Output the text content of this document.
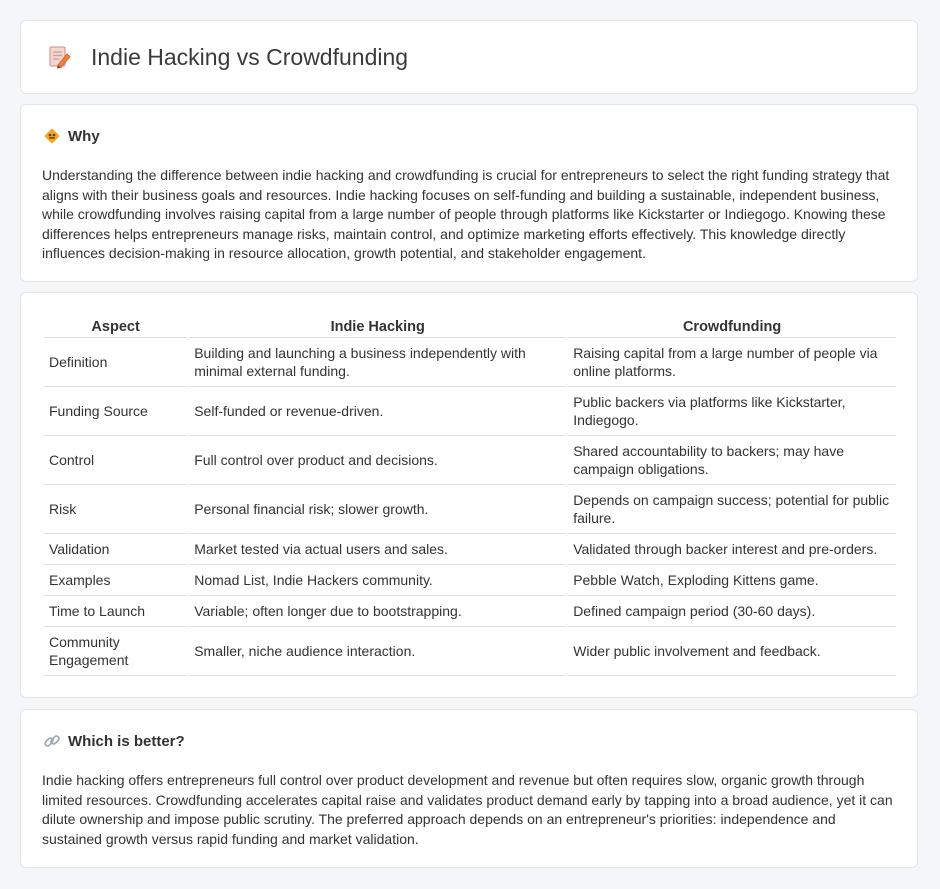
Indie Hacking vs Crowdfunding
Why

Understanding the difference between indie hacking and crowdfunding is crucial for entrepreneurs to select the right funding strategy that aligns with their business goals and resources. Indie hacking focuses on self-funding and building a sustainable, independent business, while crowdfunding involves raising capital from a large number of people through platforms like Kickstarter or Indiegogo. Knowing these differences helps entrepreneurs manage risks, maintain control, and optimize marketing efforts effectively. This knowledge directly influences decision-making in resource allocation, growth potential, and stakeholder engagement.

Aspect	Indie Hacking	Crowdfunding
Definition	Building and launching a business independently with minimal external funding.	Raising capital from a large number of people via online platforms.
Funding Source	Self-funded or revenue-driven.	Public backers via platforms like Kickstarter, Indiegogo.
Control	Full control over product and decisions.	Shared accountability to backers; may have campaign obligations.
Risk	Personal financial risk; slower growth.	Depends on campaign success; potential for public failure.
Validation	Market tested via actual users and sales.	Validated through backer interest and pre-orders.
Examples	Nomad List, Indie Hackers community.	Pebble Watch, Exploding Kittens game.
Time to Launch	Variable; often longer due to bootstrapping.	Defined campaign period (30-60 days).
Community Engagement	Smaller, niche audience interaction.	Wider public involvement and feedback.
Which is better?

Indie hacking offers entrepreneurs full control over product development and revenue but often requires slow, organic growth through limited resources. Crowdfunding accelerates capital raise and validates product demand early by tapping into a broad audience, yet it can dilute ownership and impose public scrutiny. The preferred approach depends on an entrepreneur's priorities: independence and sustained growth versus rapid funding and market validation.
